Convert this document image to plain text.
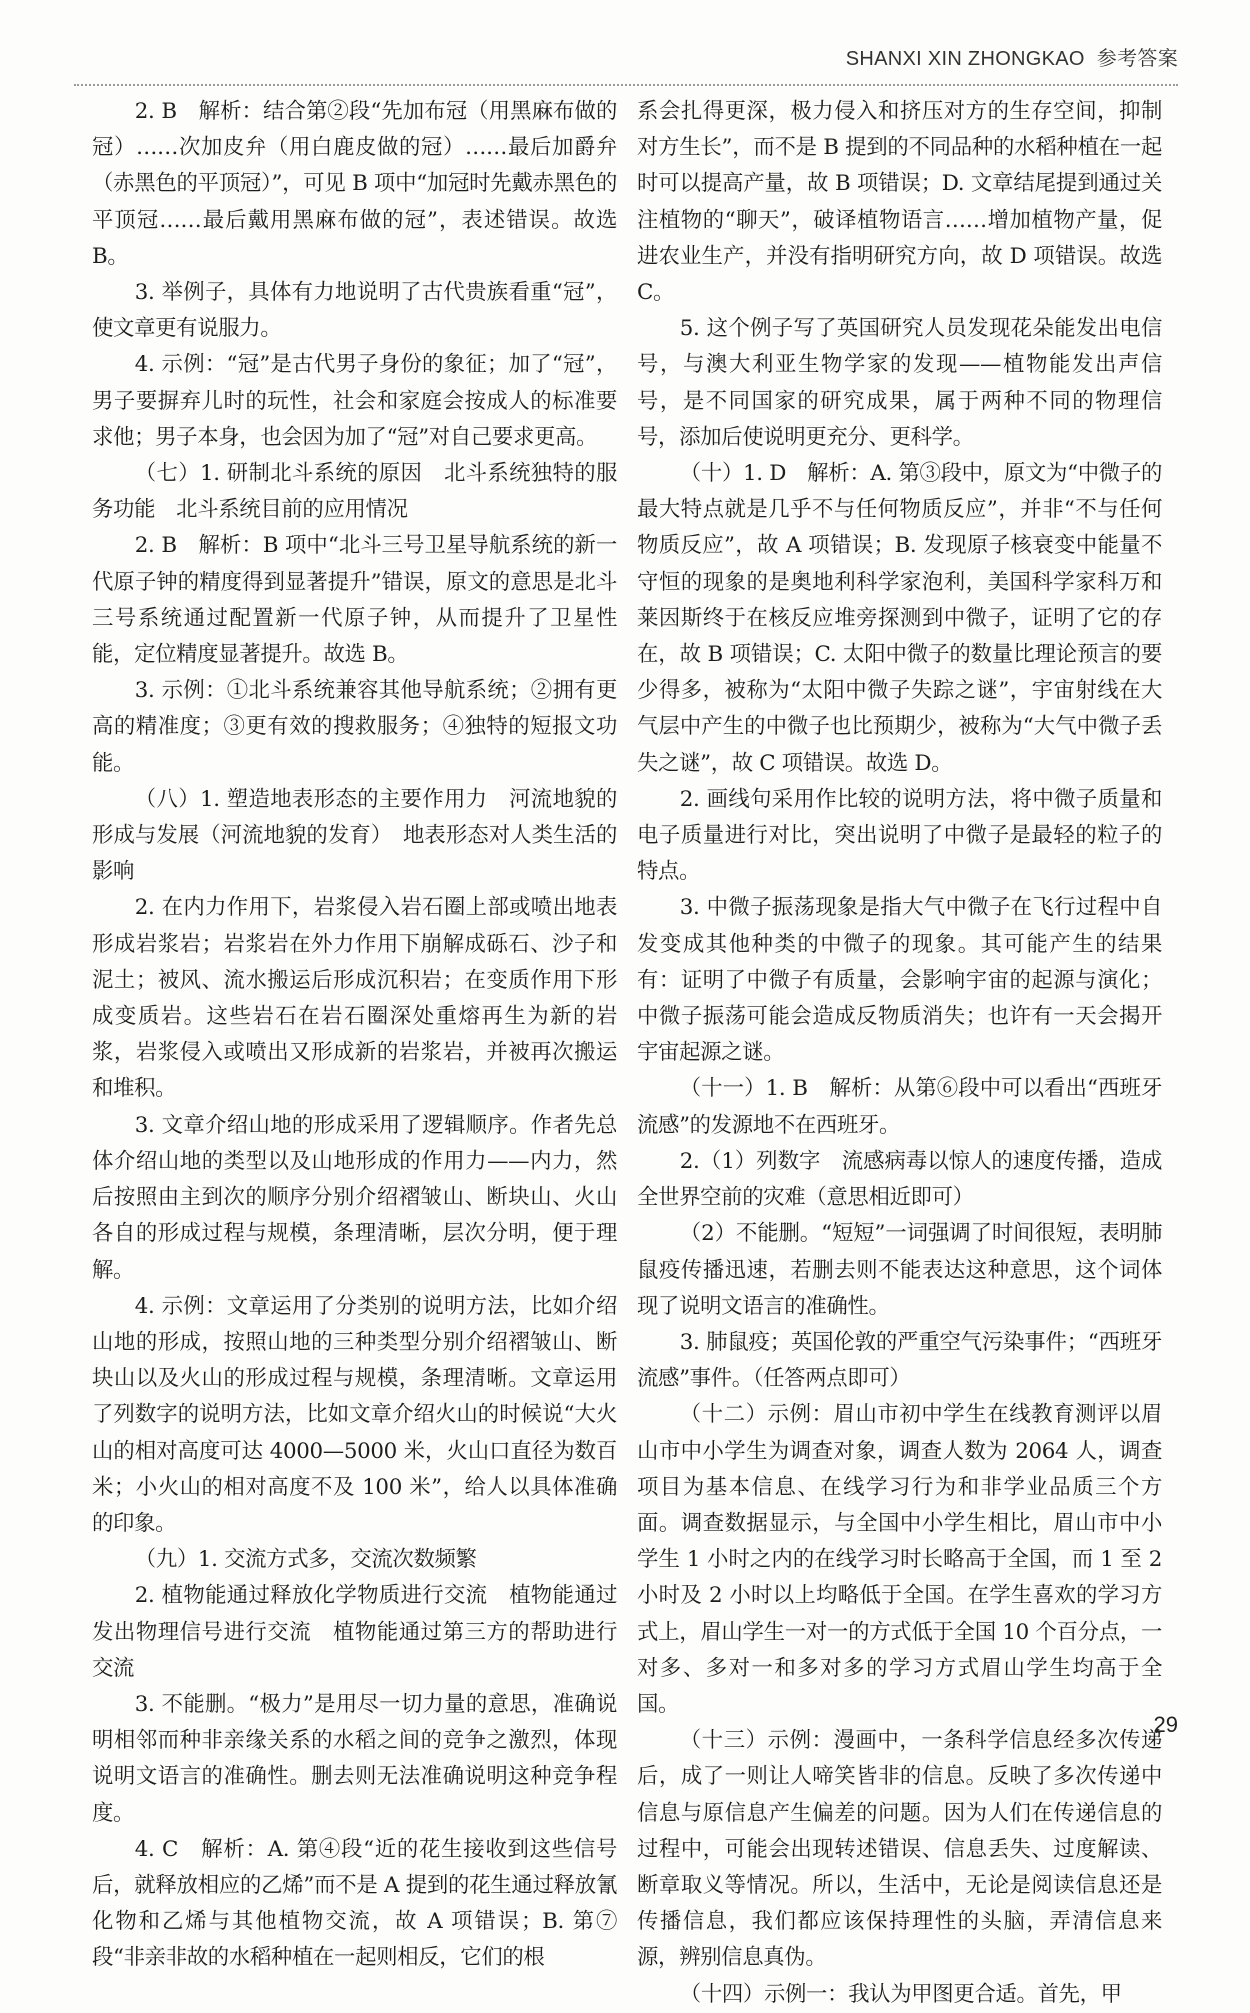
SHANXI XIN ZHONGKAO 参考答案

2. B　解析：结合第②段“先加布冠（用黑麻布做的冠）……次加皮弁（用白鹿皮做的冠）……最后加爵弁（赤黑色的平顶冠）”，可见 B 项中“加冠时先戴赤黑色的平顶冠……最后戴用黑麻布做的冠”，表述错误。故选 B。

3. 举例子，具体有力地说明了古代贵族看重“冠”，使文章更有说服力。

4. 示例：“冠”是古代男子身份的象征；加了“冠”，男子要摒弃儿时的玩性，社会和家庭会按成人的标准要求他；男子本身，也会因为加了“冠”对自己要求更高。

（七）1. 研制北斗系统的原因　北斗系统独特的服务功能　北斗系统目前的应用情况

2. B　解析：B 项中“北斗三号卫星导航系统的新一代原子钟的精度得到显著提升”错误，原文的意思是北斗三号系统通过配置新一代原子钟，从而提升了卫星性能，定位精度显著提升。故选 B。

3. 示例：①北斗系统兼容其他导航系统；②拥有更高的精准度；③更有效的搜救服务；④独特的短报文功能。

（八）1. 塑造地表形态的主要作用力　河流地貌的形成与发展（河流地貌的发育）　地表形态对人类生活的影响

2. 在内力作用下，岩浆侵入岩石圈上部或喷出地表形成岩浆岩；岩浆岩在外力作用下崩解成砾石、沙子和泥土；被风、流水搬运后形成沉积岩；在变质作用下形成变质岩。这些岩石在岩石圈深处重熔再生为新的岩浆，岩浆侵入或喷出又形成新的岩浆岩，并被再次搬运和堆积。

3. 文章介绍山地的形成采用了逻辑顺序。作者先总体介绍山地的类型以及山地形成的作用力——内力，然后按照由主到次的顺序分别介绍褶皱山、断块山、火山各自的形成过程与规模，条理清晰，层次分明，便于理解。

4. 示例：文章运用了分类别的说明方法，比如介绍山地的形成，按照山地的三种类型分别介绍褶皱山、断块山以及火山的形成过程与规模，条理清晰。文章运用了列数字的说明方法，比如文章介绍火山的时候说“大火山的相对高度可达 4000—5000 米，火山口直径为数百米；小火山的相对高度不及 100 米”，给人以具体准确的印象。

（九）1. 交流方式多，交流次数频繁

2. 植物能通过释放化学物质进行交流　植物能通过发出物理信号进行交流　植物能通过第三方的帮助进行交流

3. 不能删。“极力”是用尽一切力量的意思，准确说明相邻而种非亲缘关系的水稻之间的竞争之激烈，体现说明文语言的准确性。删去则无法准确说明这种竞争程度。

4. C　解析：A. 第④段“近的花生接收到这些信号后，就释放相应的乙烯”而不是 A 提到的花生通过释放氰化物和乙烯与其他植物交流，故 A 项错误；B. 第⑦段“非亲非故的水稻种植在一起则相反，它们的根

系会扎得更深，极力侵入和挤压对方的生存空间，抑制对方生长”，而不是 B 提到的不同品种的水稻种植在一起时可以提高产量，故 B 项错误；D. 文章结尾提到通过关注植物的“聊天”，破译植物语言……增加植物产量，促进农业生产，并没有指明研究方向，故 D 项错误。故选 C。

5. 这个例子写了英国研究人员发现花朵能发出电信号，与澳大利亚生物学家的发现——植物能发出声信号，是不同国家的研究成果，属于两种不同的物理信号，添加后使说明更充分、更科学。

（十）1. D　解析：A. 第③段中，原文为“中微子的最大特点就是几乎不与任何物质反应”，并非“不与任何物质反应”，故 A 项错误；B. 发现原子核衰变中能量不守恒的现象的是奥地利科学家泡利，美国科学家科万和莱因斯终于在核反应堆旁探测到中微子，证明了它的存在，故 B 项错误；C. 太阳中微子的数量比理论预言的要少得多，被称为“太阳中微子失踪之谜”，宇宙射线在大气层中产生的中微子也比预期少，被称为“大气中微子丢失之谜”，故 C 项错误。故选 D。

2. 画线句采用作比较的说明方法，将中微子质量和电子质量进行对比，突出说明了中微子是最轻的粒子的特点。

3. 中微子振荡现象是指大气中微子在飞行过程中自发变成其他种类的中微子的现象。其可能产生的结果有：证明了中微子有质量，会影响宇宙的起源与演化；中微子振荡可能会造成反物质消失；也许有一天会揭开宇宙起源之谜。

（十一）1. B　解析：从第⑥段中可以看出“西班牙流感”的发源地不在西班牙。

2.（1）列数字　流感病毒以惊人的速度传播，造成全世界空前的灾难（意思相近即可）

（2）不能删。“短短”一词强调了时间很短，表明肺鼠疫传播迅速，若删去则不能表达这种意思，这个词体现了说明文语言的准确性。

3. 肺鼠疫；英国伦敦的严重空气污染事件；“西班牙流感”事件。（任答两点即可）

（十二）示例：眉山市初中学生在线教育测评以眉山市中小学生为调查对象，调查人数为 2064 人，调查项目为基本信息、在线学习行为和非学业品质三个方面。调查数据显示，与全国中小学生相比，眉山市中小学生 1 小时之内的在线学习时长略高于全国，而 1 至 2 小时及 2 小时以上均略低于全国。在学生喜欢的学习方式上，眉山学生一对一的方式低于全国 10 个百分点，一对多、多对一和多对多的学习方式眉山学生均高于全国。

（十三）示例：漫画中，一条科学信息经多次传递后，成了一则让人啼笑皆非的信息。反映了多次传递中信息与原信息产生偏差的问题。因为人们在传递信息的过程中，可能会出现转述错误、信息丢失、过度解读、断章取义等情况。所以，生活中，无论是阅读信息还是传播信息，我们都应该保持理性的头脑，弄清信息来源，辨别信息真伪。

（十四）示例一：我认为甲图更合适。首先，甲

29
